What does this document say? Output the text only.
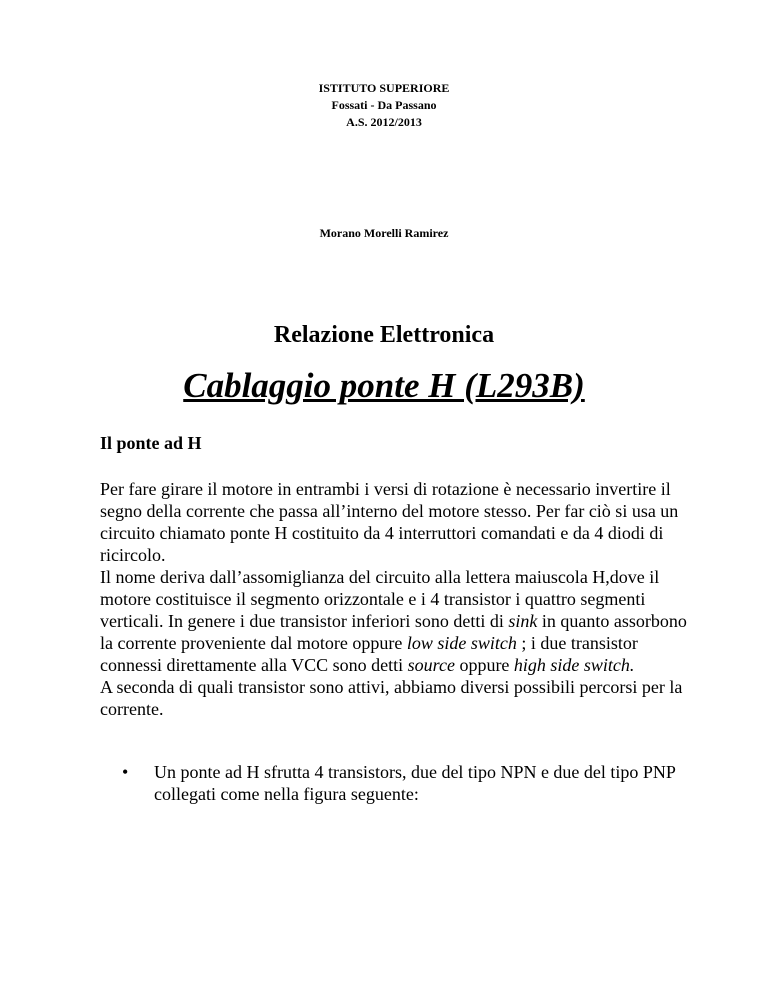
ISTITUTO SUPERIORE
Fossati - Da Passano
A.S. 2012/2013
Morano Morelli Ramirez
Relazione Elettronica
Cablaggio ponte H (L293B)
Il ponte ad H

Per fare girare il motore in entrambi i versi di rotazione è necessario invertire il segno della corrente che passa all’interno del motore stesso. Per far ciò si usa un circuito chiamato ponte H costituito da 4 interruttori comandati e da 4 diodi di ricircolo.

Il nome deriva dall’assomiglianza del circuito alla lettera maiuscola H,dove il motore costituisce il segmento orizzontale e i 4 transistor i quattro segmenti verticali. In genere i due transistor inferiori sono detti di sink in quanto assorbono la corrente proveniente dal motore oppure low side switch ; i due transistor connessi direttamente alla VCC sono detti source oppure high side switch.

A seconda di quali transistor sono attivi, abbiamo diversi possibili percorsi per la corrente.

• Un ponte ad H sfrutta 4 transistors, due del tipo NPN e due del tipo PNP collegati come nella figura seguente:
